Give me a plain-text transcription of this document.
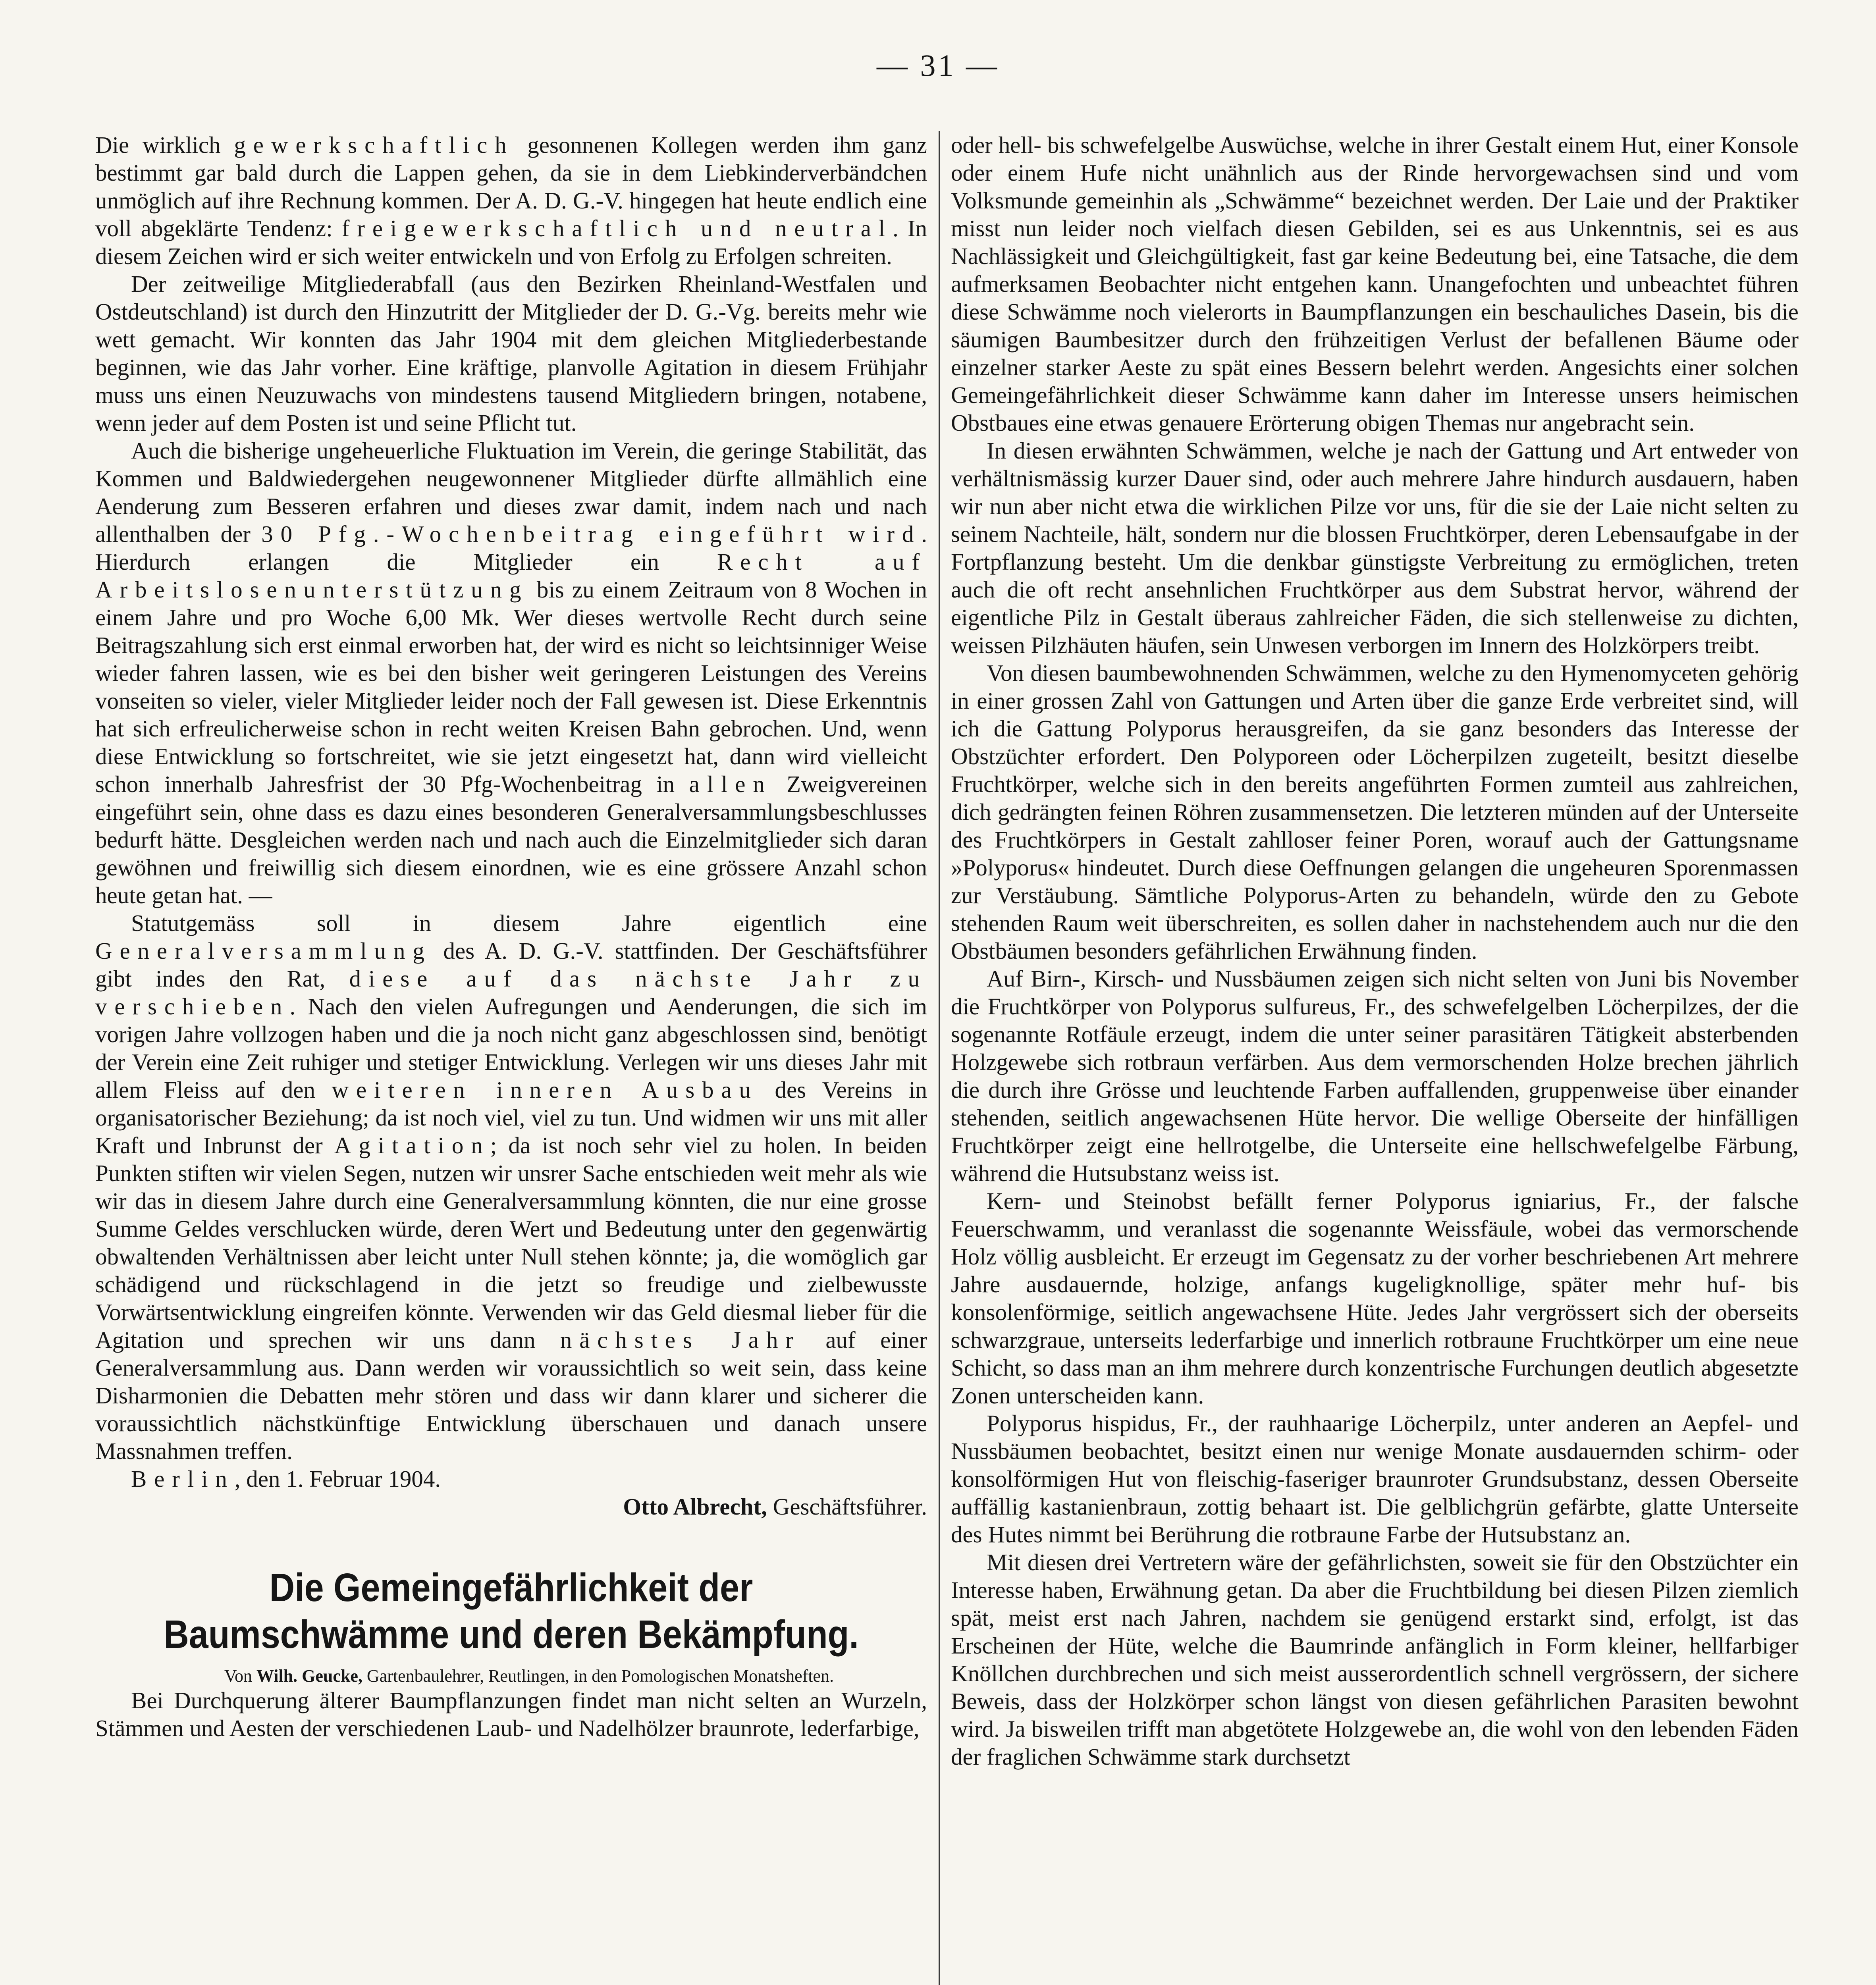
— 31 —

Die wirklich gewerkschaftlich gesonnenen Kollegen werden ihm ganz bestimmt gar bald durch die Lappen gehen, da sie in dem Liebkinderverbändchen unmöglich auf ihre Rechnung kommen. Der A. D. G.-V. hingegen hat heute endlich eine voll abgeklärte Tendenz: freigewerkschaftlich und neutral. In diesem Zeichen wird er sich weiter entwickeln und von Erfolg zu Erfolgen schreiten.

Der zeitweilige Mitgliederabfall (aus den Bezirken Rheinland-Westfalen und Ostdeutschland) ist durch den Hinzutritt der Mitglieder der D. G.-Vg. bereits mehr wie wett gemacht. Wir konnten das Jahr 1904 mit dem gleichen Mitgliederbestande beginnen, wie das Jahr vorher. Eine kräftige, planvolle Agitation in diesem Frühjahr muss uns einen Neuzuwachs von mindestens tausend Mitgliedern bringen, notabene, wenn jeder auf dem Posten ist und seine Pflicht tut.

Auch die bisherige ungeheuerliche Fluktuation im Verein, die geringe Stabilität, das Kommen und Baldwiedergehen neugewonnener Mitglieder dürfte allmählich eine Aenderung zum Besseren erfahren und dieses zwar damit, indem nach und nach allenthalben der 30 Pfg.-Wochenbeitrag eingeführt wird. Hierdurch erlangen die Mitglieder ein Recht auf Arbeitslosenunterstützung bis zu einem Zeitraum von 8 Wochen in einem Jahre und pro Woche 6,00 Mk. Wer dieses wertvolle Recht durch seine Beitragszahlung sich erst einmal erworben hat, der wird es nicht so leichtsinniger Weise wieder fahren lassen, wie es bei den bisher weit geringeren Leistungen des Vereins vonseiten so vieler, vieler Mitglieder leider noch der Fall gewesen ist. Diese Erkenntnis hat sich erfreulicherweise schon in recht weiten Kreisen Bahn gebrochen. Und, wenn diese Entwicklung so fortschreitet, wie sie jetzt eingesetzt hat, dann wird vielleicht schon innerhalb Jahresfrist der 30 Pfg-Wochenbeitrag in allen Zweigvereinen eingeführt sein, ohne dass es dazu eines besonderen Generalversammlungsbeschlusses bedurft hätte. Desgleichen werden nach und nach auch die Einzelmitglieder sich daran gewöhnen und freiwillig sich diesem einordnen, wie es eine grössere Anzahl schon heute getan hat. —

Statutgemäss soll in diesem Jahre eigentlich eine Generalversammlung des A. D. G.-V. stattfinden. Der Geschäftsführer gibt indes den Rat, diese auf das nächste Jahr zu verschieben. Nach den vielen Aufregungen und Aenderungen, die sich im vorigen Jahre vollzogen haben und die ja noch nicht ganz abgeschlossen sind, benötigt der Verein eine Zeit ruhiger und stetiger Entwicklung. Verlegen wir uns dieses Jahr mit allem Fleiss auf den weiteren inneren Ausbau des Vereins in organisatorischer Beziehung; da ist noch viel, viel zu tun. Und widmen wir uns mit aller Kraft und Inbrunst der Agitation; da ist noch sehr viel zu holen. In beiden Punkten stiften wir vielen Segen, nutzen wir unsrer Sache entschieden weit mehr als wie wir das in diesem Jahre durch eine Generalversammlung könnten, die nur eine grosse Summe Geldes verschlucken würde, deren Wert und Bedeutung unter den gegenwärtig obwaltenden Verhältnissen aber leicht unter Null stehen könnte; ja, die womöglich gar schädigend und rückschlagend in die jetzt so freudige und zielbewusste Vorwärtsentwicklung eingreifen könnte. Verwenden wir das Geld diesmal lieber für die Agitation und sprechen wir uns dann nächstes Jahr auf einer Generalversammlung aus. Dann werden wir voraussichtlich so weit sein, dass keine Disharmonien die Debatten mehr stören und dass wir dann klarer und sicherer die voraussichtlich nächstkünftige Entwicklung überschauen und danach unsere Massnahmen treffen.

Berlin, den 1. Februar 1904.

Otto Albrecht, Geschäftsführer.

Die Gemeingefährlichkeit der Baumschwämme und deren Bekämpfung.

Von Wilh. Geucke, Gartenbaulehrer, Reutlingen, in den Pomologischen Monatsheften.

Bei Durchquerung älterer Baumpflanzungen findet man nicht selten an Wurzeln, Stämmen und Aesten der verschiedenen Laub- und Nadelhölzer braunrote, lederfarbige,

oder hell- bis schwefelgelbe Auswüchse, welche in ihrer Gestalt einem Hut, einer Konsole oder einem Hufe nicht unähnlich aus der Rinde hervorgewachsen sind und vom Volksmunde gemeinhin als „Schwämme“ bezeichnet werden. Der Laie und der Praktiker misst nun leider noch vielfach diesen Gebilden, sei es aus Unkenntnis, sei es aus Nachlässigkeit und Gleichgültigkeit, fast gar keine Bedeutung bei, eine Tatsache, die dem aufmerksamen Beobachter nicht entgehen kann. Unangefochten und unbeachtet führen diese Schwämme noch vielerorts in Baumpflanzungen ein beschauliches Dasein, bis die säumigen Baumbesitzer durch den frühzeitigen Verlust der befallenen Bäume oder einzelner starker Aeste zu spät eines Bessern belehrt werden. Angesichts einer solchen Gemeingefährlichkeit dieser Schwämme kann daher im Interesse unsers heimischen Obstbaues eine etwas genauere Erörterung obigen Themas nur angebracht sein.

In diesen erwähnten Schwämmen, welche je nach der Gattung und Art entweder von verhältnismässig kurzer Dauer sind, oder auch mehrere Jahre hindurch ausdauern, haben wir nun aber nicht etwa die wirklichen Pilze vor uns, für die sie der Laie nicht selten zu seinem Nachteile, hält, sondern nur die blossen Fruchtkörper, deren Lebensaufgabe in der Fortpflanzung besteht. Um die denkbar günstigste Verbreitung zu ermöglichen, treten auch die oft recht ansehnlichen Fruchtkörper aus dem Substrat hervor, während der eigentliche Pilz in Gestalt überaus zahlreicher Fäden, die sich stellenweise zu dichten, weissen Pilzhäuten häufen, sein Unwesen verborgen im Innern des Holzkörpers treibt.

Von diesen baumbewohnenden Schwämmen, welche zu den Hymenomyceten gehörig in einer grossen Zahl von Gattungen und Arten über die ganze Erde verbreitet sind, will ich die Gattung Polyporus herausgreifen, da sie ganz besonders das Interesse der Obstzüchter erfordert. Den Polyporeen oder Löcherpilzen zugeteilt, besitzt dieselbe Fruchtkörper, welche sich in den bereits angeführten Formen zumteil aus zahlreichen, dich gedrängten feinen Röhren zusammensetzen. Die letzteren münden auf der Unterseite des Fruchtkörpers in Gestalt zahlloser feiner Poren, worauf auch der Gattungsname »Polyporus« hindeutet. Durch diese Oeffnungen gelangen die ungeheuren Sporenmassen zur Verstäubung. Sämtliche Polyporus-Arten zu behandeln, würde den zu Gebote stehenden Raum weit überschreiten, es sollen daher in nachstehendem auch nur die den Obstbäumen besonders gefährlichen Erwähnung finden.

Auf Birn-, Kirsch- und Nussbäumen zeigen sich nicht selten von Juni bis November die Fruchtkörper von Polyporus sulfureus, Fr., des schwefelgelben Löcherpilzes, der die sogenannte Rotfäule erzeugt, indem die unter seiner parasitären Tätigkeit absterbenden Holzgewebe sich rotbraun verfärben. Aus dem vermorschenden Holze brechen jährlich die durch ihre Grösse und leuchtende Farben auffallenden, gruppenweise über einander stehenden, seitlich angewachsenen Hüte hervor. Die wellige Oberseite der hinfälligen Fruchtkörper zeigt eine hellrotgelbe, die Unterseite eine hellschwefelgelbe Färbung, während die Hutsubstanz weiss ist.

Kern- und Steinobst befällt ferner Polyporus igniarius, Fr., der falsche Feuerschwamm, und veranlasst die sogenannte Weissfäule, wobei das vermorschende Holz völlig ausbleicht. Er erzeugt im Gegensatz zu der vorher beschriebenen Art mehrere Jahre ausdauernde, holzige, anfangs kugeligknollige, später mehr huf- bis konsolenförmige, seitlich angewachsene Hüte. Jedes Jahr vergrössert sich der oberseits schwarzgraue, unterseits lederfarbige und innerlich rotbraune Fruchtkörper um eine neue Schicht, so dass man an ihm mehrere durch konzentrische Furchungen deutlich abgesetzte Zonen unterscheiden kann.

Polyporus hispidus, Fr., der rauhhaarige Löcherpilz, unter anderen an Aepfel- und Nussbäumen beobachtet, besitzt einen nur wenige Monate ausdauernden schirm- oder konsolförmigen Hut von fleischig-faseriger braunroter Grundsubstanz, dessen Oberseite auffällig kastanienbraun, zottig behaart ist. Die gelblichgrün gefärbte, glatte Unterseite des Hutes nimmt bei Berührung die rotbraune Farbe der Hutsubstanz an.

Mit diesen drei Vertretern wäre der gefährlichsten, soweit sie für den Obstzüchter ein Interesse haben, Erwähnung getan. Da aber die Fruchtbildung bei diesen Pilzen ziemlich spät, meist erst nach Jahren, nachdem sie genügend erstarkt sind, erfolgt, ist das Erscheinen der Hüte, welche die Baumrinde anfänglich in Form kleiner, hellfarbiger Knöllchen durchbrechen und sich meist ausserordentlich schnell vergrössern, der sichere Beweis, dass der Holzkörper schon längst von diesen gefährlichen Parasiten bewohnt wird. Ja bisweilen trifft man abgetötete Holzgewebe an, die wohl von den lebenden Fäden der fraglichen Schwämme stark durchsetzt
